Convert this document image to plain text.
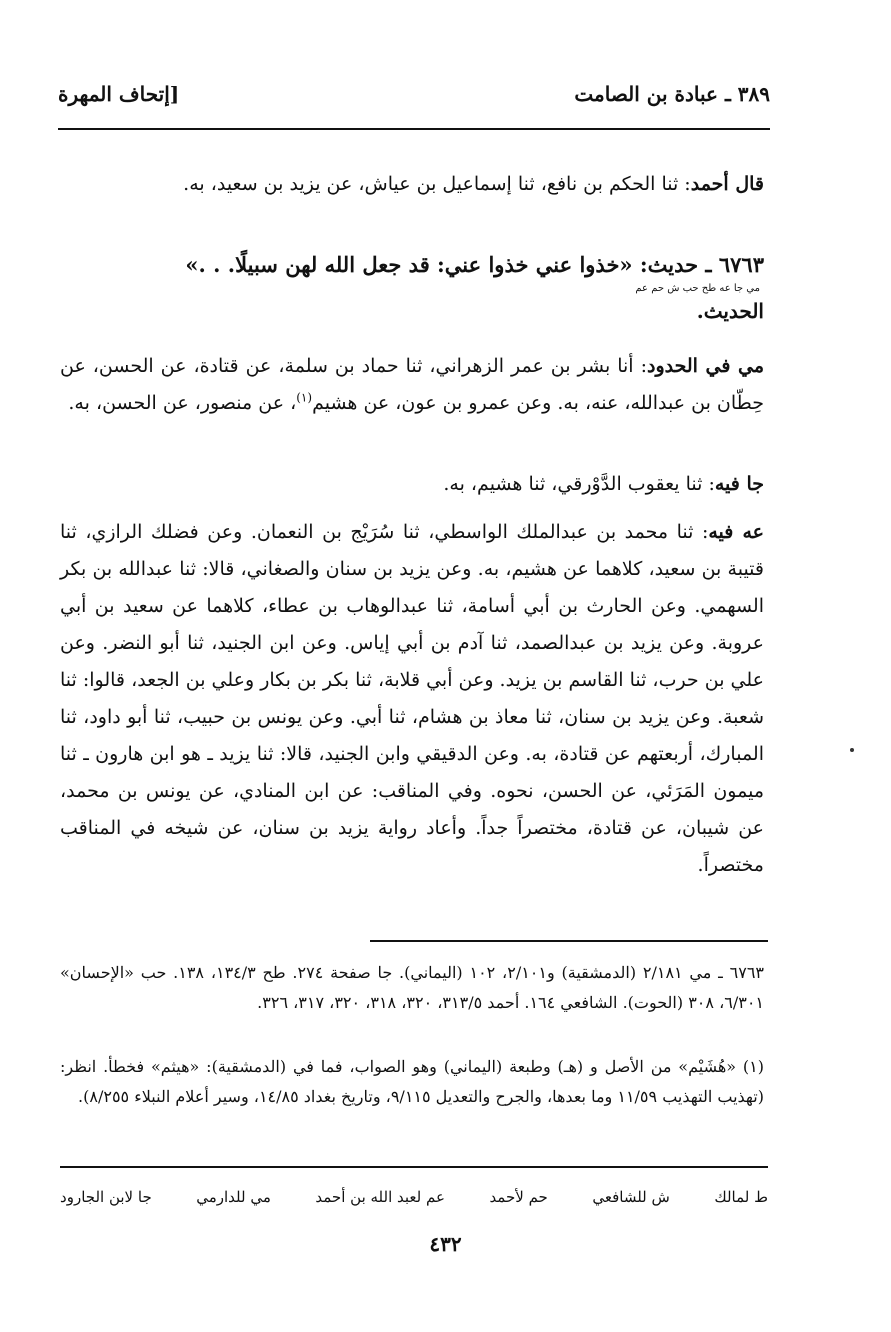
٣٨٩ ـ عبادة بن الصامت
[إتحاف المهرة
قال أحمد: ثنا الحكم بن نافع، ثنا إسماعيل بن عياش، عن يزيد بن سعيد، به.
٦٧٦٣ ـ حديث: «خذوا عني خذوا عني: قد جعل الله لهن سبيلًا. . .»
مي جا عه طح حب ش حم عم
الحديث.
مي في الحدود: أنا بشر بن عمر الزهراني، ثنا حماد بن سلمة، عن قتادة، عن الحسن، عن حِطّان بن عبدالله، عنه، به. وعن عمرو بن عون، عن هشيم$^{(١)}$، عن منصور، عن الحسن، به.
جا فيه: ثنا يعقوب الدَّوْرقي، ثنا هشيم، به.
عه فيه: ثنا محمد بن عبدالملك الواسطي، ثنا سُرَيْج بن النعمان. وعن فضلك الرازي، ثنا قتيبة بن سعيد، كلاهما عن هشيم، به. وعن يزيد بن سنان والصغاني، قالا: ثنا عبدالله بن بكر السهمي. وعن الحارث بن أبي أسامة، ثنا عبدالوهاب بن عطاء، كلاهما عن سعيد بن أبي عروبة. وعن يزيد بن عبدالصمد، ثنا آدم بن أبي إياس. وعن ابن الجنيد، ثنا أبو النضر. وعن علي بن حرب، ثنا القاسم بن يزيد. وعن أبي قلابة، ثنا بكر بن بكار وعلي بن الجعد، قالوا: ثنا شعبة. وعن يزيد بن سنان، ثنا معاذ بن هشام، ثنا أبي. وعن يونس بن حبيب، ثنا أبو داود، ثنا المبارك، أربعتهم عن قتادة، به. وعن الدقيقي وابن الجنيد، قالا: ثنا يزيد ـ هو ابن هارون ـ ثنا ميمون المَرَئي، عن الحسن، نحوه. وفي المناقب: عن ابن المنادي، عن يونس بن محمد، عن شيبان، عن قتادة، مختصراً جداً. وأعاد رواية يزيد بن سنان، عن شيخه في المناقب مختصراً.
٦٧٦٣ ـ مي ٢/١٨١ (الدمشقية) و٢/١٠١، ١٠٢ (اليماني). جا صفحة ٢٧٤. طح ١٣٤/٣، ١٣٨. حب «الإحسان» ٦/٣٠١، ٣٠٨ (الحوت). الشافعي ١٦٤. أحمد ٣١٣/٥، ٣٢٠، ٣١٨، ٣٢٠، ٣١٧، ٣٢٦.
(١) «هُشَيْم» من الأصل و (هـ) وطبعة (اليماني) وهو الصواب، فما في (الدمشقية): «هيثم» فخطأ. انظر: (تهذيب التهذيب ١١/٥٩ وما بعدها، والجرح والتعديل ٩/١١٥، وتاريخ بغداد ١٤/٨٥، وسير أعلام النبلاء ٨/٢٥٥).
ط لمالك
ش للشافعي
حم لأحمد
عم لعبد الله بن أحمد
مي للدارمي
جا لابن الجارود
٤٣٢
